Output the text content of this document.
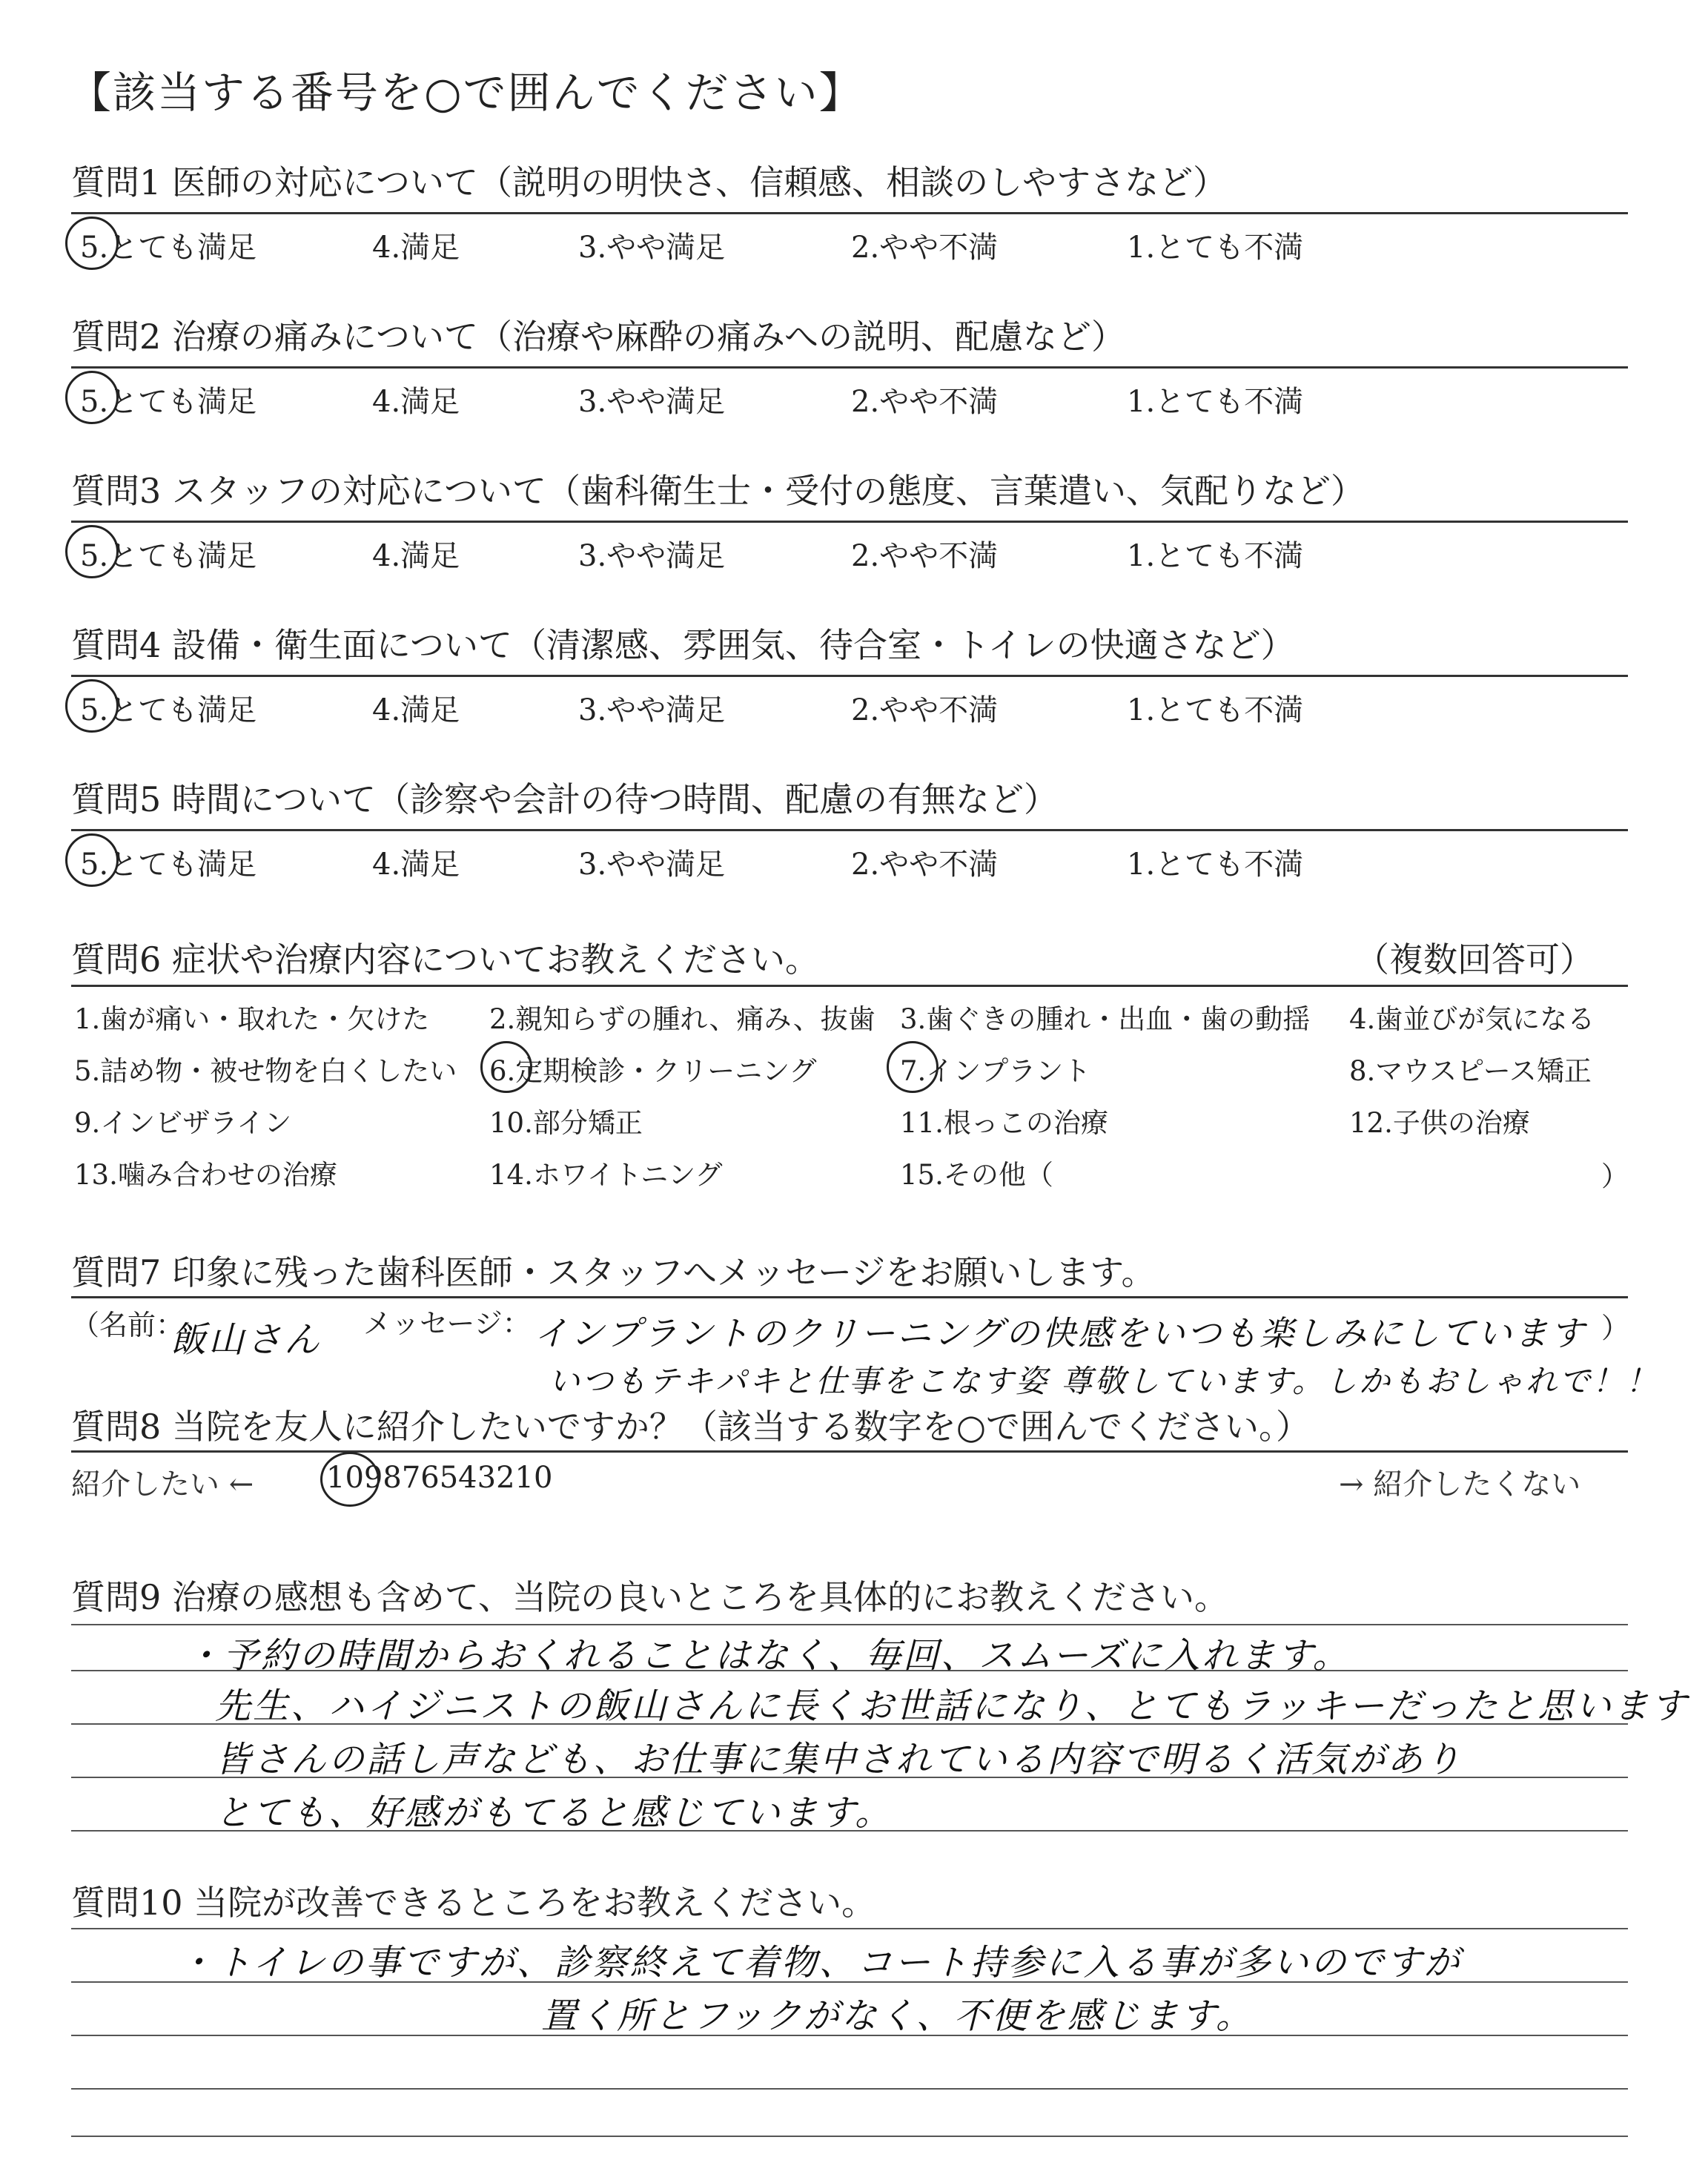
【該当する番号を○で囲んでください】
質問1 医師の対応について（説明の明快さ、信頼感、相談のしやすさなど）
5.とても満足	4.満足	3.やや満足	2.やや不満	1.とても不満
質問2 治療の痛みについて（治療や麻酔の痛みへの説明、配慮など）
5.とても満足	4.満足	3.やや満足	2.やや不満	1.とても不満
質問3 スタッフの対応について（歯科衛生士・受付の態度、言葉遣い、気配りなど）
5.とても満足	4.満足	3.やや満足	2.やや不満	1.とても不満
質問4 設備・衛生面について（清潔感、雰囲気、待合室・トイレの快適さなど）
5.とても満足	4.満足	3.やや満足	2.やや不満	1.とても不満
質問5 時間について（診察や会計の待つ時間、配慮の有無など）
5.とても満足	4.満足	3.やや満足	2.やや不満	1.とても不満
質問6 症状や治療内容についてお教えください。	（複数回答可）
1.歯が痛い・取れた・欠けた 2.親知らずの腫れ、痛み、抜歯 3.歯ぐきの腫れ・出血・歯の動揺 4.歯並びが気になる
5.詰め物・被せ物を白くしたい 6.定期検診・クリーニング	7.インプラント	8.マウスピース矯正
9.インビザライン	10.部分矯正	11.根っこの治療	12.子供の治療
13.噛み合わせの治療	14.ホワイトニング	15.その他（	）
質問7 印象に残った歯科医師・スタッフへメッセージをお願いします。
（名前：
飯山さん メッセージ： インプラントのクリーニングの快感をいつも楽しみにしています
いつもテキパキと仕事をこなす姿 尊敬しています。しかもおしゃれで！！
）
質問8 当院を友人に紹介したいですか？（該当する数字を○で囲んでください。）
紹介したい ← 109876543210	→ 紹介したくない
質問9 治療の感想も含めて、当院の良いところを具体的にお教えください。
・予約の時間からおくれることはなく、毎回、スムーズに入れます。
先生、ハイジニストの飯山さんに長くお世話になり、とてもラッキーだったと思います
皆さんの話し声なども、お仕事に集中されている内容で明るく活気があり
とても、好感がもてると感じています。
質問10 当院が改善できるところをお教えください。
・トイレの事ですが、診察終えて着物、コート持参に入る事が多いのですが
置く所とフックがなく、不便を感じます。
